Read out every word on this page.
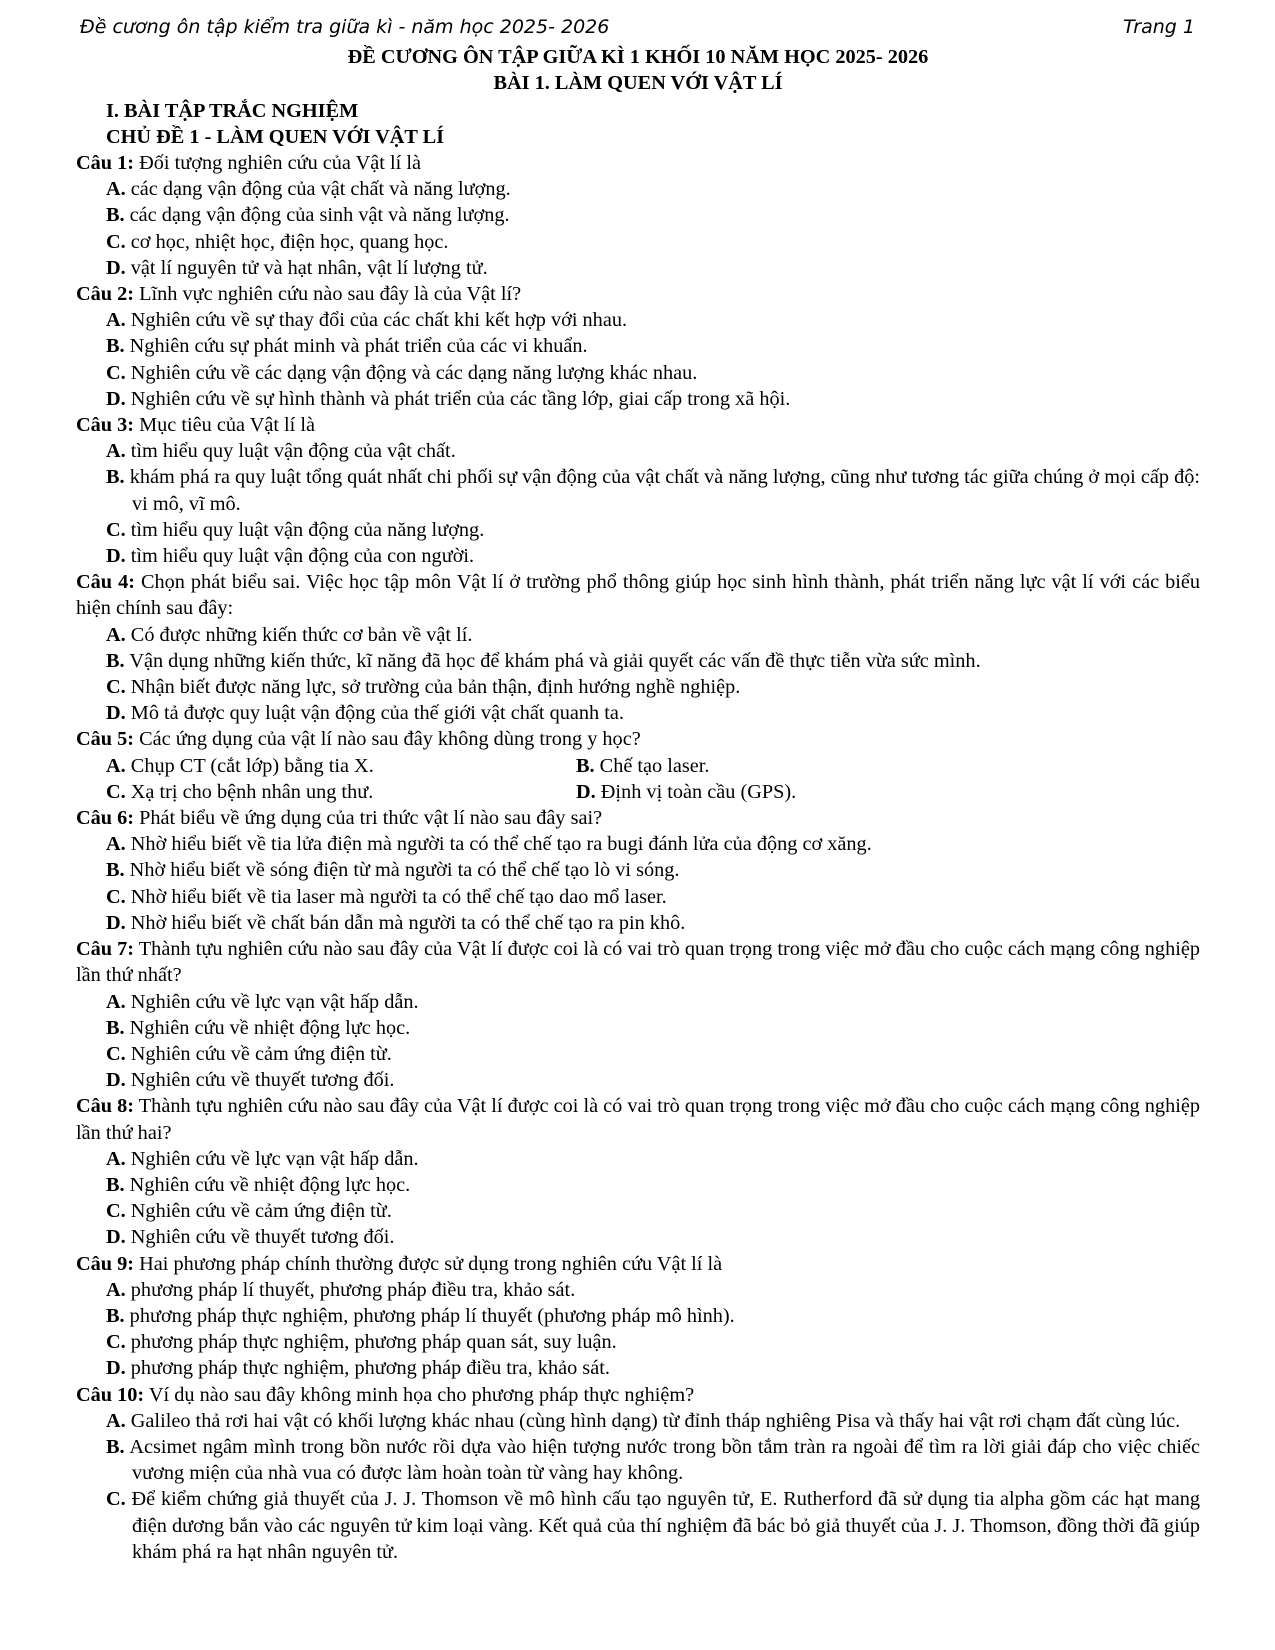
Đề cương ôn tập kiểm tra giữa kì - năm học 2025- 2026	Trang 1
ĐỀ CƯƠNG ÔN TẬP GIỮA KÌ 1 KHỐI 10 NĂM HỌC 2025- 2026
BÀI 1. LÀM QUEN VỚI VẬT LÍ
I. BÀI TẬP TRẮC NGHIỆM
CHỦ ĐỀ 1 - LÀM QUEN VỚI VẬT LÍ
Câu 1: Đối tượng nghiên cứu của Vật lí là
A. các dạng vận động của vật chất và năng lượng.
B. các dạng vận động của sinh vật và năng lượng.
C. cơ học, nhiệt học, điện học, quang học.
D. vật lí nguyên tử và hạt nhân, vật lí lượng tử.
Câu 2: Lĩnh vực nghiên cứu nào sau đây là của Vật lí?
A. Nghiên cứu về sự thay đổi của các chất khi kết hợp với nhau.
B. Nghiên cứu sự phát minh và phát triển của các vi khuẩn.
C. Nghiên cứu về các dạng vận động và các dạng năng lượng khác nhau.
D. Nghiên cứu về sự hình thành và phát triển của các tầng lớp, giai cấp trong xã hội.
Câu 3: Mục tiêu của Vật lí là
A. tìm hiểu quy luật vận động của vật chất.
B. khám phá ra quy luật tổng quát nhất chi phối sự vận động của vật chất và năng lượng, cũng như tương tác giữa chúng ở mọi cấp độ: vi mô, vĩ mô.
C. tìm hiểu quy luật vận động của năng lượng.
D. tìm hiểu quy luật vận động của con người.
Câu 4: Chọn phát biểu sai. Việc học tập môn Vật lí ở trường phổ thông giúp học sinh hình thành, phát triển năng lực vật lí với các biểu hiện chính sau đây:
A. Có được những kiến thức cơ bản về vật lí.
B. Vận dụng những kiến thức, kĩ năng đã học để khám phá và giải quyết các vấn đề thực tiễn vừa sức mình.
C. Nhận biết được năng lực, sở trường của bản thận, định hướng nghề nghiệp.
D. Mô tả được quy luật vận động của thế giới vật chất quanh ta.
Câu 5: Các ứng dụng của vật lí nào sau đây không dùng trong y học?
A. Chụp CT (cắt lớp) bằng tia X.	B. Chế tạo laser.
C. Xạ trị cho bệnh nhân ung thư.	D. Định vị toàn cầu (GPS).
Câu 6: Phát biểu về ứng dụng của tri thức vật lí nào sau đây sai?
A. Nhờ hiểu biết về tia lửa điện mà người ta có thể chế tạo ra bugi đánh lửa của động cơ xăng.
B. Nhờ hiểu biết về sóng điện từ mà người ta có thể chế tạo lò vi sóng.
C. Nhờ hiểu biết về tia laser mà người ta có thể chế tạo dao mổ laser.
D. Nhờ hiểu biết về chất bán dẫn mà người ta có thể chế tạo ra pin khô.
Câu 7: Thành tựu nghiên cứu nào sau đây của Vật lí được coi là có vai trò quan trọng trong việc mở đầu cho cuộc cách mạng công nghiệp lần thứ nhất?
A. Nghiên cứu về lực vạn vật hấp dẫn.
B. Nghiên cứu về nhiệt động lực học.
C. Nghiên cứu về cảm ứng điện từ.
D. Nghiên cứu về thuyết tương đối.
Câu 8: Thành tựu nghiên cứu nào sau đây của Vật lí được coi là có vai trò quan trọng trong việc mở đầu cho cuộc cách mạng công nghiệp lần thứ hai?
A. Nghiên cứu về lực vạn vật hấp dẫn.
B. Nghiên cứu về nhiệt động lực học.
C. Nghiên cứu về cảm ứng điện từ.
D. Nghiên cứu về thuyết tương đối.
Câu 9: Hai phương pháp chính thường được sử dụng trong nghiên cứu Vật lí là
A. phương pháp lí thuyết, phương pháp điều tra, khảo sát.
B. phương pháp thực nghiệm, phương pháp lí thuyết (phương pháp mô hình).
C. phương pháp thực nghiệm, phương pháp quan sát, suy luận.
D. phương pháp thực nghiệm, phương pháp điều tra, khảo sát.
Câu 10: Ví dụ nào sau đây không minh họa cho phương pháp thực nghiệm?
A. Galileo thả rơi hai vật có khối lượng khác nhau (cùng hình dạng) từ đỉnh tháp nghiêng Pisa và thấy hai vật rơi chạm đất cùng lúc.
B. Acsimet ngâm mình trong bồn nước rồi dựa vào hiện tượng nước trong bồn tắm tràn ra ngoài để tìm ra lời giải đáp cho việc chiếc vương miện của nhà vua có được làm hoàn toàn từ vàng hay không.
C. Để kiểm chứng giả thuyết của J. J. Thomson về mô hình cấu tạo nguyên tử, E. Rutherford đã sử dụng tia alpha gồm các hạt mang điện dương bắn vào các nguyên tử kim loại vàng. Kết quả của thí nghiệm đã bác bỏ giả thuyết của J. J. Thomson, đồng thời đã giúp khám phá ra hạt nhân nguyên tử.
